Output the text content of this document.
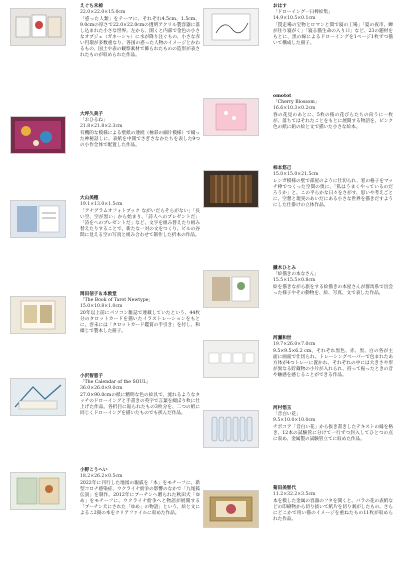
えぐち未椋
22.0×22.0×15.0cm
「惑った人類」をテーマに、それぞれ4.5cm、1.5cm、9.0cmの厚さで22.0×22.0cmの透明アクリル製容器に落し込まれた小さな世界。左から、開くと内部で金色の小さなオブジェ（ガネーシャ）に水が降り注ぐもの、小さな赤い円環が多数重なり、各国の惑った人物のイメージとかわるもの、国土や表の観察素材で飾られたものの造形が表されたものが収められた作品。
大坪久美子
「おひるね」
21.8×21.8×2.3cm
有機的な模様による壁紙の連続（極彩の細片模様）で綴った神秘話しに、表紙を中開でさぎさなかたちを表した9つの小作全体で配置した作品。
大山美穂
19.1×13.0×1.5cm
「アナグラムオフォトブック ながいだらそらがない」「長い空、空が黒い」から始まり、「詩人へのプレゼントだ」「詩をへのプレゼントだ」など、文字を組み替えたり組み替えたりすることで、新たな一対の文をつくり、ビルの谷間に見える空の写真と組み合わせて制作した折本の作品。
岡田信子＆本敦堂
「The Book of Tarot Newtype」
15.0×10.8×1.0cm
20年以上前にパソコン雑誌で連載していたという、44枚分のタロットカードを描いたイラストレーションをもとに、巻末には「タロットカード鑑賞の手引き」を付し、和綴じで製本した冊子。
小沢智恵子
「The Calendar of the SOUL」
36.0×26.0×9.0cm
27.0×90.0cmの紙に精明な色の絵具で、流れるようなタッチのドローイングと手書きの英字で言葉を綴ぼり枚に仕上げた作品。各折目に貼られたもの3枚分を、二つの紙に同じくドローイングを描いたものでも挟んだ作品。
小野こうへい
18.2×26.2×0.5cm
2022年に刊行した地図の親戚を「本」をモチーフに、新型コロナ感染症、ウクライナ紛争の影響のなかで「九尾狐伝説」を制作。2012年にブーチンへ贈られた秋田犬「ゆめ」をモチーフに、ウクライナ紛争へと物語が展開する「ブーチン犬にされた「ゆめ」の物語」という、絵と文によるこ2冊の本をクリアファイルに収めた作品。
おはす
「ドローイング一日棒絵集」
14.9×10.5×0.1cm
「罠走場の宝物とロマンと間で寝の工場」「夏の夜市、蝉が住り寝がく」「寝る猫生命の入り口」など、23の題材をもとに、黒の線によるドローイングを1ページ1枚ずつ描いて構成した冊子。
omotot
「Cherry Blossom」
16.6×10.3×0.2cm
春の花見のあとに、5枚の桜の花びらたちの向うに一枚が、落ちてはそれたことをもとに展開する物語を、ピンク色の紙に鉛の絵と文で描いた小さな絵本。
柿本悠己
15.0×15.0×21.5cm
レンガ模様の壁で部屋のように仕切られ、窓の格子をマッチ棒でつくった空間の奥に、「私はうまくやっているのだろうか」と、この平らかな日々をさがす、思いや考えごとに、空想と現実のあいだにある小さな世界を描きだすようにした仕掛けの立体作品。
鎌木ひとみ
「絵描きの本なさん」
15.5×15.5×0.8cm
絵を描きながら旅をする絵描きの本屋さんが群馬県で出会った様子やその動物を、絵、写真、文で表した作品。
河瀬和世
19.7×26.0×7.0cm
9.5×9.5×6.2 cm、それぞれ黒色、赤、黒、白の各が主面に画面で仕切られ、トレーシングペーパーで包まれたあ方体が4つトレーに置かれ、それぞれの中には大きさや形が異なる貯蔵物の小片が入れられ、持って振ったときの音や触感を感じることができる作品。
河村悟玉
「音白い花」
9.5×10.0×10.0cm
チボコア「音白い花」から抜き書きしたテキストの縁を格き、12本の試験管に分けて一行ずつ封入してひとつの点に収め、金属製の試験管立てに収めた作品。
菊田美智代
11.2×32.2×3.5cm
本を模した金属の容器のフタを開くと、バラの花の表紙などの印刷物から切り抜いて紙片を切り剥がしたもの、さらにどこかで用い描のイメージを重ねたもの11枚が収められた作品。
